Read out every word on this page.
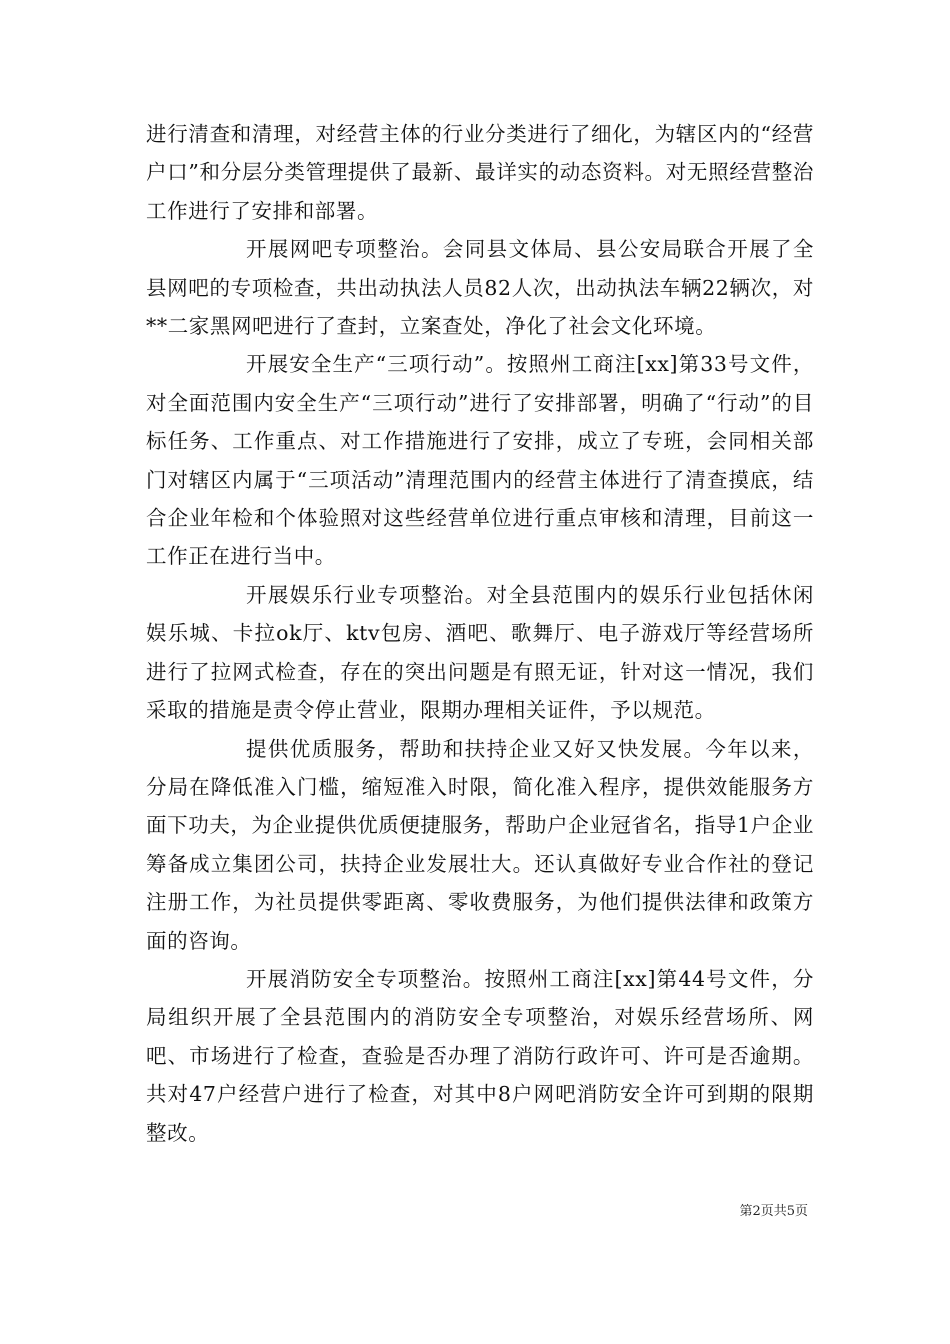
进行清查和清理，对经营主体的行业分类进行了细化，为辖区内的“经营户口”和分层分类管理提供了最新、最详实的动态资料。对无照经营整治工作进行了安排和部署。

开展网吧专项整治。会同县文体局、县公安局联合开展了全县网吧的专项检查，共出动执法人员82人次，出动执法车辆22辆次，对**二家黑网吧进行了查封，立案查处，净化了社会文化环境。

开展安全生产“三项行动”。按照州工商注[xx]第33号文件，对全面范围内安全生产“三项行动”进行了安排部署，明确了“行动”的目标任务、工作重点、对工作措施进行了安排，成立了专班，会同相关部门对辖区内属于“三项活动”清理范围内的经营主体进行了清查摸底，结合企业年检和个体验照对这些经营单位进行重点审核和清理，目前这一工作正在进行当中。

开展娱乐行业专项整治。对全县范围内的娱乐行业包括休闲娱乐城、卡拉ok厅、ktv包房、酒吧、歌舞厅、电子游戏厅等经营场所进行了拉网式检查，存在的突出问题是有照无证，针对这一情况，我们采取的措施是责令停止营业，限期办理相关证件，予以规范。

提供优质服务，帮助和扶持企业又好又快发展。今年以来，分局在降低准入门槛，缩短准入时限，简化准入程序，提供效能服务方面下功夫，为企业提供优质便捷服务，帮助户企业冠省名，指导1户企业筹备成立集团公司，扶持企业发展壮大。还认真做好专业合作社的登记注册工作，为社员提供零距离、零收费服务，为他们提供法律和政策方面的咨询。

开展消防安全专项整治。按照州工商注[xx]第44号文件，分局组织开展了全县范围内的消防安全专项整治，对娱乐经营场所、网吧、市场进行了检查，查验是否办理了消防行政许可、许可是否逾期。共对47户经营户进行了检查，对其中8户网吧消防安全许可到期的限期整改。

第2页共5页
